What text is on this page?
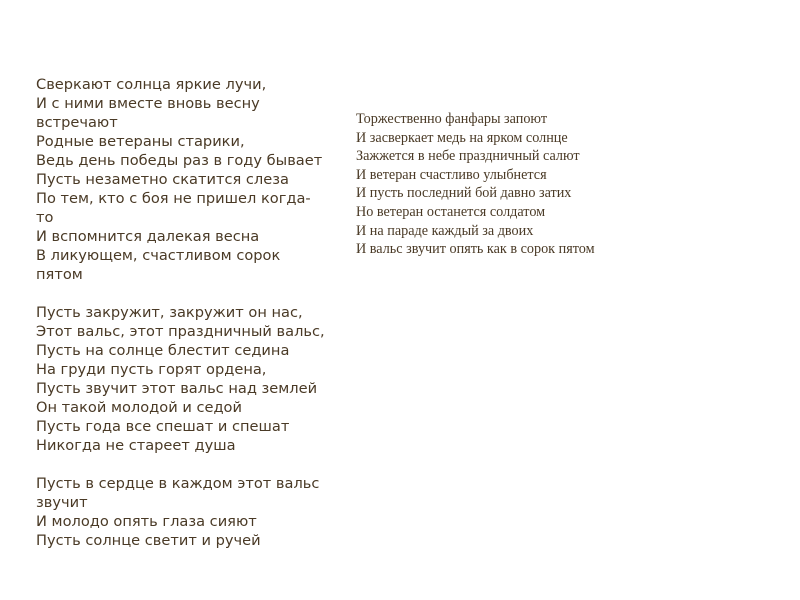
Сверкают солнца яркие лучи,
И с ними вместе вновь весну встречают
Родные ветераны старики,
Ведь день победы раз в году бывает
Пусть незаметно скатится слеза
По тем, кто с боя не пришел когда-то
И вспомнится далекая весна
В ликующем, счастливом сорок пятом
Пусть закружит, закружит он нас,
Этот вальс, этот праздничный вальс,
Пусть на солнце блестит седина
На груди пусть горят ордена,
Пусть звучит этот вальс над землей
Он такой молодой и седой
Пусть года все спешат и спешат
Никогда не стареет душа
Пусть в сердце в каждом этот вальс звучит
И молодо опять глаза сияют
Пусть солнце светит и ручей
Торжественно фанфары запоют
И засверкает медь на ярком солнце
Зажжется в небе праздничный салют
И ветеран счастливо улыбнется
И пусть последний бой давно затих
Но ветеран останется солдатом
И на параде каждый за двоих
И вальс звучит опять как в сорок пятом
